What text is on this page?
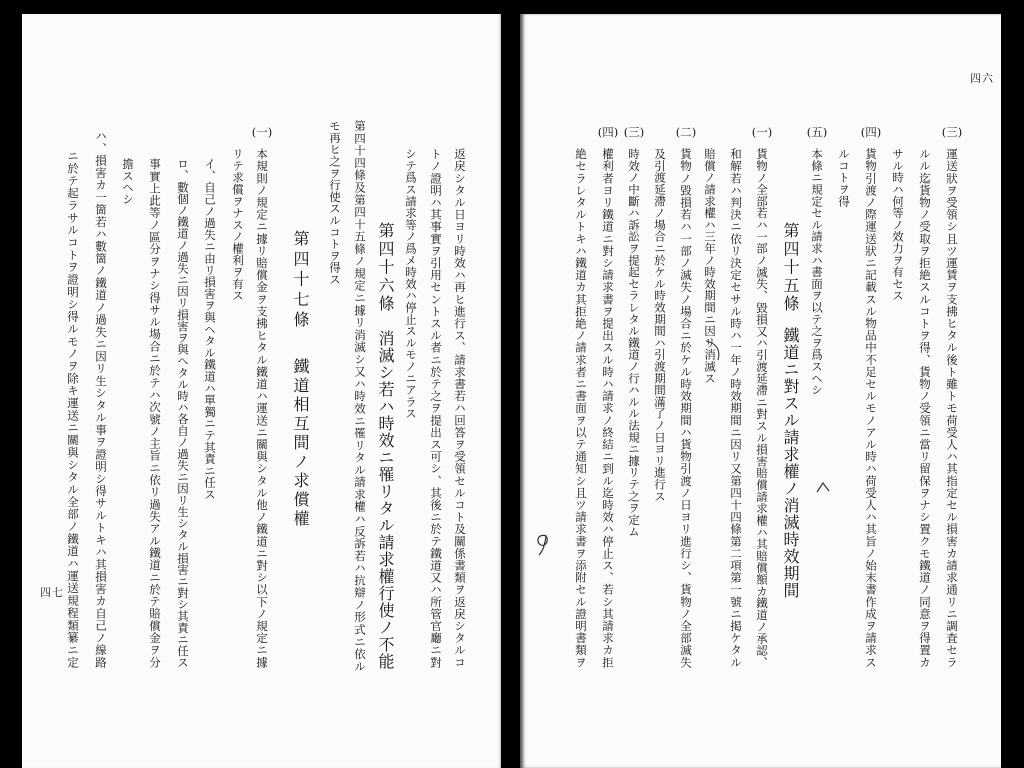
返戾シタル日ヨリ時效ハ再ヒ進行ス、請求書若ハ回答ヲ受領セルコト及關係書類ヲ返戾シタルコ
トノ證明ハ其事實ヲ引用セントスル者ニ於テ之ヲ提出ス可シ、其後ニ於テ鐵道又ハ所管官廳ニ對
シテ爲ス請求等ノ爲メ時效ハ停止スルモノニアラス
第四十六條
消滅シ若ハ時效ニ罹リタル請求權行使ノ不能
第四十四條及第四十五條ノ規定ニ據リ消滅シ又ハ時效ニ罹リタル請求權ハ反訴若ハ抗辯ノ形式ニ依ル
モ再ヒ之ヲ行使スルコトヲ得ス
第四十七條
鐵道相互間ノ求償權
(一)
本規則ノ規定ニ據リ賠償金ヲ支拂ヒタル鐵道ハ運送ニ關與シタル他ノ鐵道ニ對シ以下ノ規定ニ據
リテ求償ヲナスノ權利ヲ有ス
イ、自己ノ過失ニ由リ損害ヲ與ヘタル鐵道ハ單獨ニテ其責ニ任ス
ロ、數個ノ鐵道ノ過失ニ因リ損害ヲ與ヘタル時ハ各自ノ過失ニ因リ生シタル損害ニ對シ其責ニ任ス
事實上此等ノ區分ヲナシ得サル場合ニ於テハ次號ノ主旨ニ依リ過失アル鐵道ニ於テ賠償金ヲ分
擔スヘシ
ハ、損害カ一箇若ハ數箇ノ鐵道ノ過失ニ因リ生シタル事ヲ證明シ得サルトキハ其損害カ自己ノ線路
ニ於テ起ラサルコトヲ證明シ得ルモノヲ除キ運送ニ關與シタル全部ノ鐵道ハ運送規程類纂ニ定
四七
四六
(三)
運送狀ヲ受領シ且ツ運賃ヲ支拂ヒタル後ト雖トモ荷受人ハ其指定セル損害カ請求通リニ調査セラ
ルル迄貨物ノ受取ヲ拒絶スルコトヲ得、貨物ノ受領ニ當リ留保ヲナシ置クモ鐵道ノ同意ヲ得置カ
サル時ハ何等ノ效力ヲ有セス
(四)
貨物引渡ノ際運送狀ニ記載スル物品中不足セルモノアル時ハ荷受人ハ其旨ノ始末書作成ヲ請求ス
ルコトヲ得
(五)
本條ニ規定セル請求ハ書面ヲ以テ之ヲ爲スヘシ
第四十五條
鐵道ニ對スル請求權ノ消滅時效期間
(一)
貨物ノ全部若ハ一部ノ滅失、毀損又ハ引渡延滯ニ對スル損害賠償請求權ハ其賠償額カ鐵道ノ承認、
和解若ハ判決ニ依リ決定セサル時ハ一年ノ時效期間ニ因リ又第四十四條第二項第一號ニ掲ケタル
賠償ノ請求權ハ三年ノ時效期間ニ因リ消滅ス
(二)
貨物ノ毀損若ハ一部ノ滅失ノ場合ニ於ケル時效期間ハ貨物引渡ノ日ヨリ進行シ、貨物ノ全部滅失
及引渡延滯ノ場合ニ於ケル時效期間ハ引渡期間滿了ノ日ヨリ進行ス
(三)
時效ノ中斷ハ訴訟ヲ提起セラレタル鐵道ノ行ハルル法規ニ據リテ之ヲ定ム
(四)
權利者ヨリ鐵道ニ對シ請求書ヲ提出スル時ハ請求ノ終結ニ到ル迄時效ハ停止ス、若シ其請求カ拒
絶セラレタルトキハ鐵道カ其拒絶ノ請求者ニ書面ヲ以テ通知シ且ツ請求書ヲ添附セル證明書類ヲ
